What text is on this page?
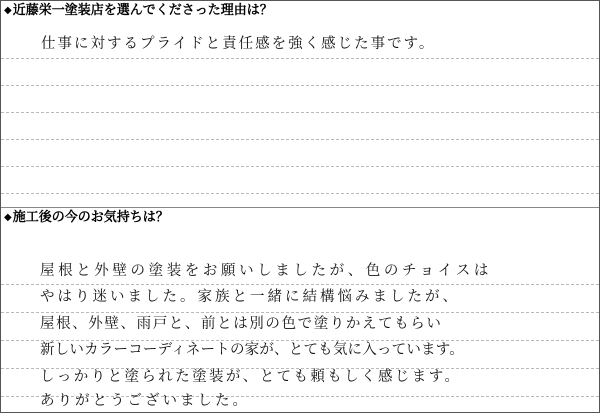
◆近藤栄一塗装店を選んでくださった理由は？
仕事に対するプライドと責任感を強く感じた事です。
◆施工後の今のお気持ちは？
屋根と外壁の塗装をお願いしましたが、色のチョイスは
やはり迷いました。家族と一緒に結構悩みましたが、
屋根、外壁、雨戸と、前とは別の色で塗りかえてもらい
新しいカラーコーディネートの家が、とても気に入っています。
しっかりと塗られた塗装が、とても頼もしく感じます。
ありがとうございました。
